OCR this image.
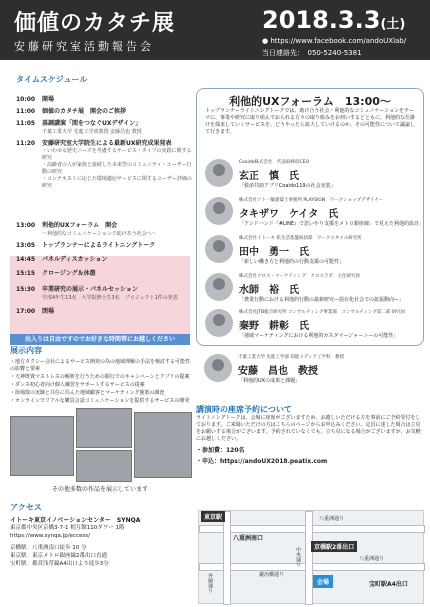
価値のカタチ展
安藤研究室活動報告会
2018.3.3(土)
● https://www.facebook.com/andoUXlab/
当日連絡先：　050-5240-5381
タイムスケジュール
10:00 開場
11:00 価値のカタチ展　開会のご挨拶
11:05 基調講演「間をつなぐUXデザイン」
千葉工業大学 先進工学部教授 安藤昌也 教授
11:20 安藤研究室大学院生による最新UX研究成果発表
・いわゆる歴史ニーズを考慮するサービス・タイプの実践に関する研究
・高齢者の人が家族と接続した未来型のコミュニティ・ユーザー行動の研究
・コンテキストに応じた環境適応サービスに関するユーザー評価の研究
13:00 利他的UXフォーラム　開会
〜利他的なコミュニケーションで助けあう社会へ〜
13:05 トップランナーによるライトニングトーク
14:45 パネルディスカッション
15:15 クロージング＆休憩
15:30 卒業研究の展示・パネルセッション
学部4年生13名　大学院修士生3名　プロジェクト1件の発表
17:00 閉場
出入りは自由ですのでお好きな時間帯にお越しください
利他的UXフォーラム　13:00〜
トップランナーライトニングトークでは、助け合う社会・利他的なコミュニケーションをテーマに、事業や研究に取り組んでおられる方々の取り組みをお伺いするとともに、利他的な仕掛けを探求していくサービスを、どうやったら拡大していけるのか、その可能性について議論して行きます。
Coaido株式会社　代表取締役CEO
玄正　慎　氏
「救命共助アプリCoaido119の社会実装」
株式会社ソト一級建築士事務所 PLAYSIGN　ワークショップデザイナー
タキザワ　ケイタ　氏
「アンドハンド『#LINE』で思いやり支援をメトロ銀座線」で見えた利他的設計」
株式会社イトーキ 私生活基盤統括部　ワークスタイル研究所
田中　勇一　氏
「新しい働き方と利他的の行動支援の可能性」
株式会社クロス・マーケティング　クロスラボ　主任研究員
水師　裕　氏
「農業行動における利他的行動の最新研究ー混在化社会での拡張動向ー」
株式会社JTB総合研究所 コンサルティング事業部　コンサルティング第二部 研究員
秦野　耕彰　氏
「地域マーケティングにおける利他的カスタマージャーニーの可能性」
千葉工業大学 先進工学部 知能メディア工学科　教授
安藤　昌也　教授
「利他的UXの成果と課題」
展示内容
・地方タクシー会社によるサービス開発の為の地域理解の手法を検討する可能性の影響と要素
・天神既資マストレスの解析を行うための銀行でのキャンペーンとアプリの提案
・ダンス初心者向け個人練習をサポートするサービスの提案
・街場散の実験と共住に住んた地域顧客とマーケティング施策の調査
・オンラインでリアルな購買会話コミュニケーションを提供するサービスの開発
その他多数の作品を展示しています
講演時の座席予約について
ライトニングトークは、会場に座席がございますため、お越しいただける方を事前にご予約受付をしております。ご来場いただけの方はこちらのページからお申込みください。定員に達した場合は立見をお願いする場合がございます。予約されていなくても、立ち見になる場合がございますが、お気軽にお越しください。
・参加費：120名
・申込：https://andoUX2018.peatix.com
アクセス
イトーキ東京イノベーションセンター　SYNQA
東京都中央区京橋3-7-1 相互館110タワー 1階
https://www.synqa.jp/eccess/
京橋駅　八重洲南口徒歩 10 分
東京駅　東京メトロ銀座線2番出口直通
宝町駅　都営浅草線A4出口より徒歩3分
八重洲通り
東京駅
八重洲南口
京橋駅2番出口
鍛冶橋通り
外堀通り
中央通り
会場	宝町駅A4出口
八重洲通り
